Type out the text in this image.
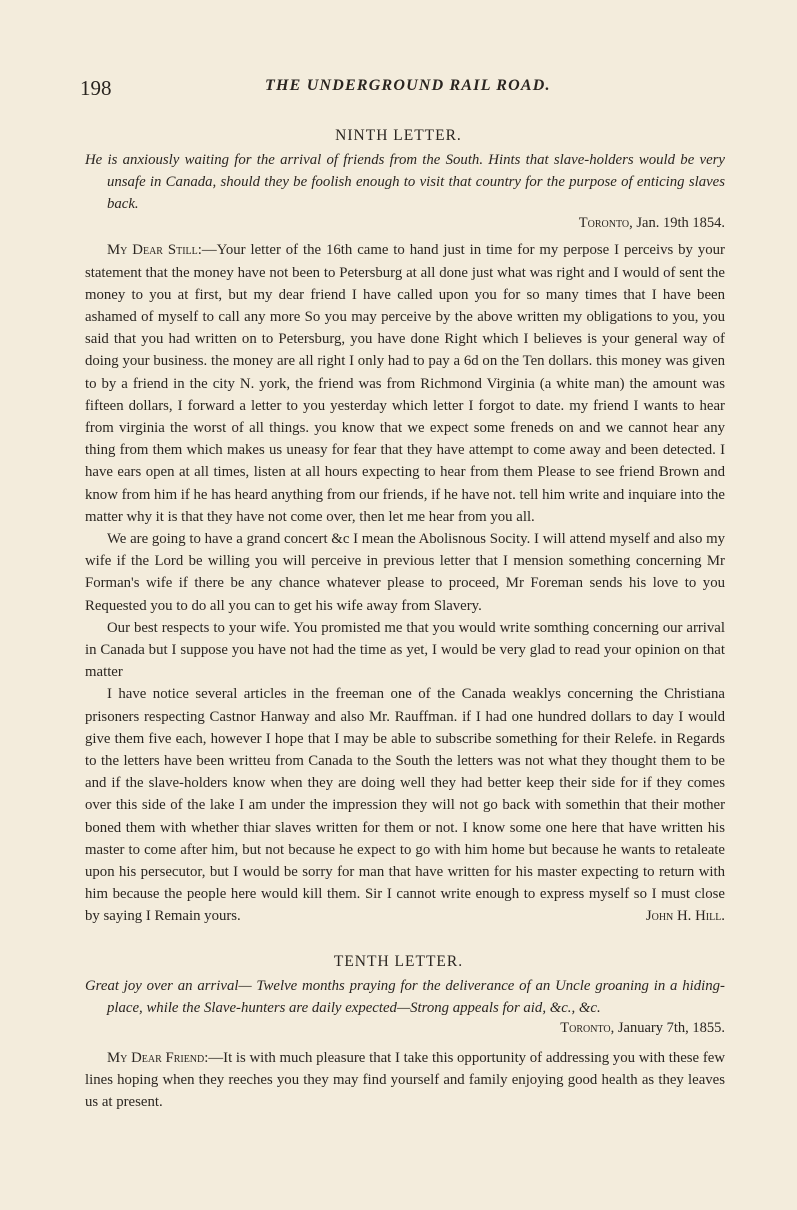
198	THE UNDERGROUND RAIL ROAD.
NINTH LETTER.

He is anxiously waiting for the arrival of friends from the South. Hints that slave-holders would be very unsafe in Canada, should they be foolish enough to visit that country for the purpose of enticing slaves back.

Toronto, Jan. 19th 1854.

My Dear Still:—Your letter of the 16th came to hand just in time for my perpose I perceivs by your statement that the money have not been to Petersburg at all done just what was right and I would of sent the money to you at first, but my dear friend I have called upon you for so many times that I have been ashamed of myself to call any more So you may perceive by the above written my obligations to you, you said that you had written on to Petersburg, you have done Right which I believes is your general way of doing your business. the money are all right I only had to pay a 6d on the Ten dollars. this money was given to by a friend in the city N. york, the friend was from Richmond Virginia (a white man) the amount was fifteen dollars, I forward a letter to you yesterday which letter I forgot to date. my friend I wants to hear from virginia the worst of all things. you know that we expect some freneds on and we cannot hear any thing from them which makes us uneasy for fear that they have attempt to come away and been detected. I have ears open at all times, listen at all hours expecting to hear from them Please to see friend Brown and know from him if he has heard anything from our friends, if he have not. tell him write and inquiare into the matter why it is that they have not come over, then let me hear from you all.

We are going to have a grand concert &c I mean the Abolisnous Socity. I will attend myself and also my wife if the Lord be willing you will perceive in previous letter that I mension something concerning Mr Forman's wife if there be any chance whatever please to proceed, Mr Foreman sends his love to you Requested you to do all you can to get his wife away from Slavery.

Our best respects to your wife. You promisted me that you would write somthing concerning our arrival in Canada but I suppose you have not had the time as yet, I would be very glad to read your opinion on that matter

I have notice several articles in the freeman one of the Canada weaklys concerning the Christiana prisoners respecting Castnor Hanway and also Mr. Rauffman. if I had one hundred dollars to day I would give them five each, however I hope that I may be able to subscribe something for their Relefe. in Regards to the letters have been writteu from Canada to the South the letters was not what they thought them to be and if the slave-holders know when they are doing well they had better keep their side for if they comes over this side of the lake I am under the impression they will not go back with somethin that their mother boned them with whether thiar slaves written for them or not. I know some one here that have written his master to come after him, but not because he expect to go with him home but because he wants to retaleate upon his persecutor, but I would be sorry for man that have written for his master expecting to return with him because the people here would kill them. Sir I cannot write enough to express myself so I must close by saying I Remain yours.	John H. Hill.

TENTH LETTER.

Great joy over an arrival— Twelve months praying for the deliverance of an Uncle groaning in a hiding-place, while the Slave-hunters are daily expected—Strong appeals for aid, &c., &c.

Toronto, January 7th, 1855.

My Dear Friend:—It is with much pleasure that I take this opportunity of addressing you with these few lines hoping when they reeches you they may find yourself and family enjoying good health as they leaves us at present.
